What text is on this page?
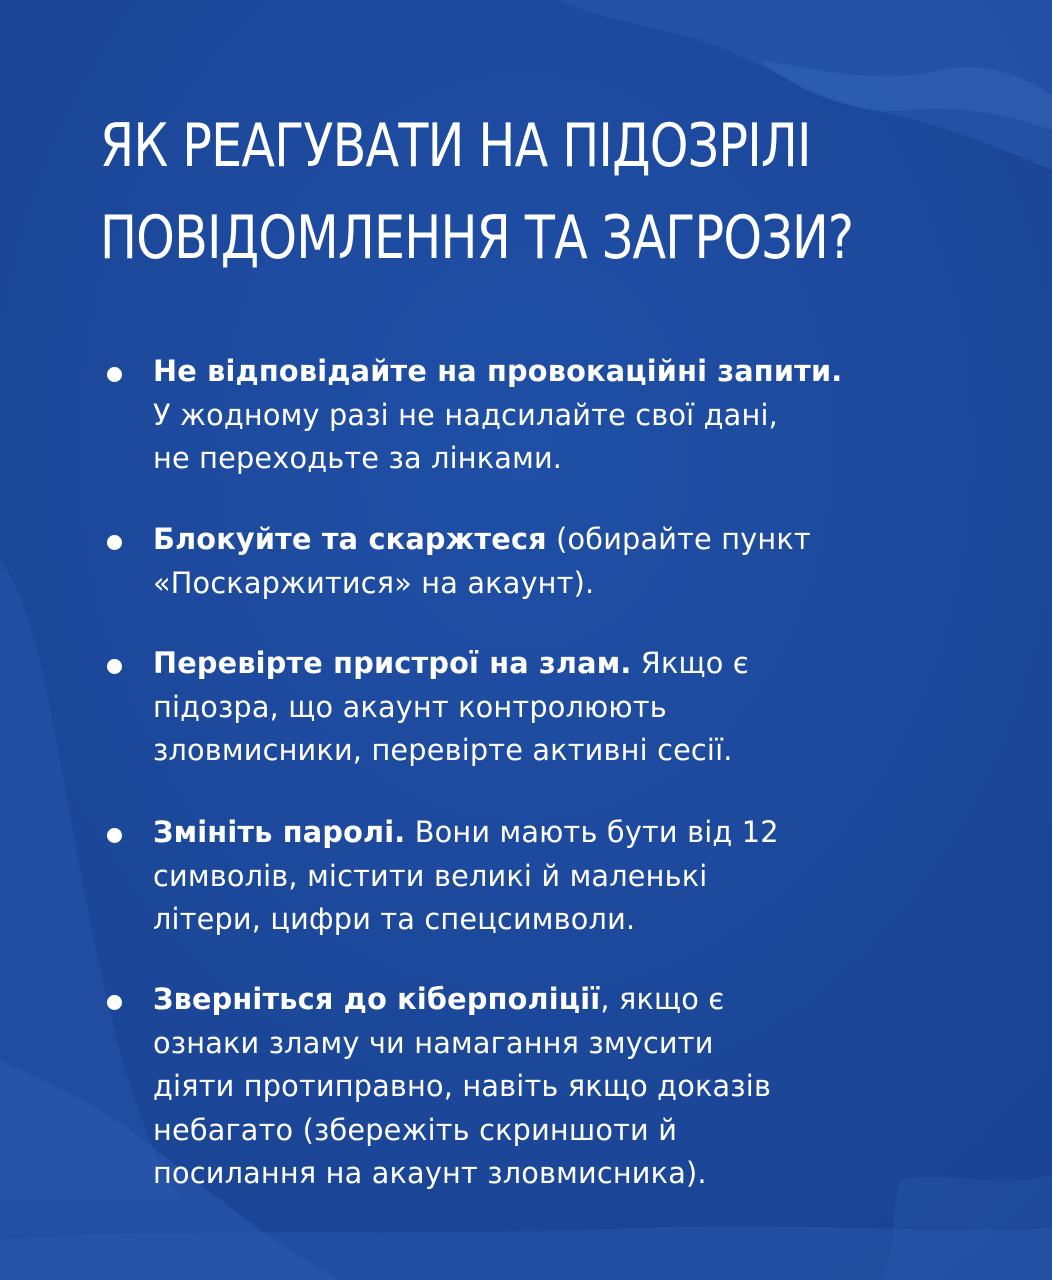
ЯК РЕАГУВАТИ НА ПІДОЗРІЛІ
ПОВІДОМЛЕННЯ ТА ЗАГРОЗИ?

Не відповідайте на провокаційні запити.
У жодному разі не надсилайте свої дані,
не переходьте за лінками.

Блокуйте та скаржтеся (обирайте пункт
«Поскаржитися» на акаунт).

Перевірте пристрої на злам. Якщо є
підозра, що акаунт контролюють
зловмисники, перевірте активні сесії.

Змініть паролі. Вони мають бути від 12
символів, містити великі й маленькі
літери, цифри та спецсимволи.

Зверніться до кіберполіції, якщо є
ознаки зламу чи намагання змусити
діяти протиправно, навіть якщо доказів
небагато (збережіть скриншоти й
посилання на акаунт зловмисника).
